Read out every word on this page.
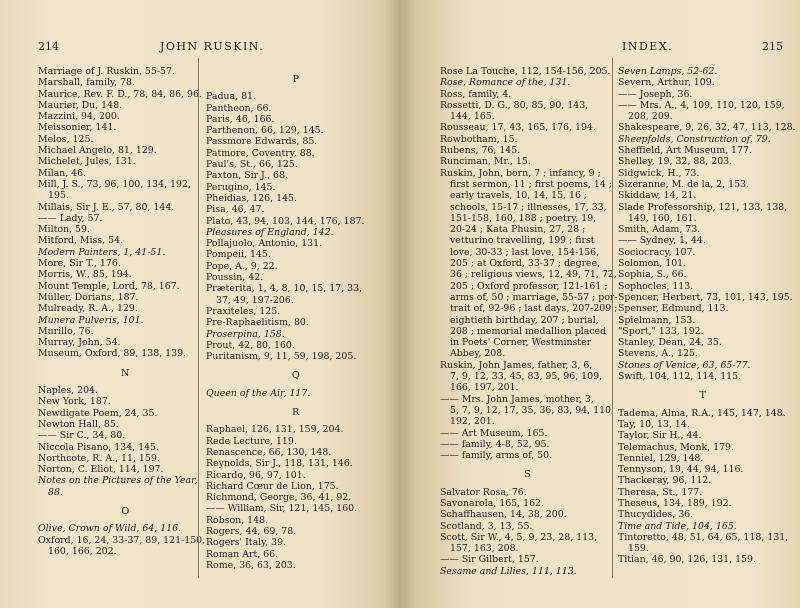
214	JOHN RUSKIN.
Marriage of J. Ruskin, 55-57.
Marshall, family, 78.
Maurice, Rev. F. D., 78, 84, 86, 96.
Maurier, Du, 148.
Mazzini, 94, 200.
Meissonier, 141.
Melos, 125.
Michael Angelo, 81, 129.
Michelet, Jules, 131.
Milan, 46.
Mill, J. S., 73, 96, 100, 134, 192,
195.
Millais, Sir J. E., 57, 80, 144.
—— Lady, 57.
Milton, 59.
Mitford, Miss, 54.
Modern Painters, 1, 41-51.
More, Sir T., 176.
Morris, W., 85, 194.
Mount Temple, Lord, 78, 167.
Müller, Dorians, 187.
Mulready, R. A., 129.
Munera Pulveris, 101.
Murillo, 76.
Murray, John, 54.
Museum, Oxford, 89, 138, 139.
N
Naples, 204.
New York, 187.
Newdigate Poem, 24, 35.
Newton Hall, 85.
—— Sir C., 34, 80.
Niccola Pisano, 134, 145.
Northcote, R. A., 11, 159.
Norton, C. Eliot, 114, 197.
Notes on the Pictures of the Year,
88.
O
Olive, Crown of Wild, 64, 116.
Oxford, 16, 24, 33-37, 89, 121-150,
160, 166, 202.
P
Padua, 81.
Pantheon, 66.
Paris, 46, 166.
Parthenon, 66, 129, 145.
Passmore Edwards, 85.
Patmore, Coventry, 88.
Paul's, St., 66, 125.
Paxton, Sir J., 68.
Perugino, 145.
Pheidias, 126, 145.
Pisa, 46, 47.
Plato, 43, 94, 103, 144, 176, 187.
Pleasures of England, 142.
Pollajuolo, Antonio, 131.
Pompeii, 145.
Pope, A., 9, 22.
Poussin, 42.
Præterita, 1, 4, 8, 10, 15, 17, 33,
37, 49, 197-206.
Praxiteles, 125.
Pre-Raphaelitism, 80.
Proserpina, 158.
Prout, 42, 80, 160.
Puritanism, 9, 11, 59, 198, 205.
Q
Queen of the Air, 117.
R
Raphael, 126, 131, 159, 204.
Rede Lecture, 119.
Renascence, 66, 130, 148.
Reynolds, Sir J., 118, 131, 146.
Ricardo, 96, 97, 101.
Richard Cœur de Lion, 175.
Richmond, George, 36, 41, 92.
—— William, Sir, 121, 145, 160.
Robson, 148.
Rogers, 44, 69, 78.
Rogers' Italy, 39.
Roman Art, 66.
Rome, 36, 63, 203.
INDEX.	215
Rose La Touche, 112, 154-156, 205.
Rose, Romance of the, 131.
Ross, family, 4.
Rossetti, D. G., 80, 85, 90, 143,
144, 165.
Rousseau, 17, 43, 165, 176, 194.
Rowbotham, 15.
Rubens, 76, 145.
Runciman, Mr., 15.
Ruskin, John, born, 7 ; infancy, 9 ;
first sermon, 11 ; first poems, 14 ;
early travels, 10, 14, 15, 16 ;
schools, 15-17 ; illnesses, 17, 33,
151-158, 160, 188 ; poetry, 19,
20-24 ; Kata Phusin, 27, 28 ;
vetturino travelling, 199 ; first
love, 30-33 ; last love, 154-156,
205 ; at Oxford, 33-37 ; degree,
36 ; religious views, 12, 49, 71, 72,
205 ; Oxford professor, 121-161 ;
arms of, 50 ; marriage, 55-57 ; por-
trait of, 92-96 ; last days, 207-209 ;
eightieth birthday, 207 ; burial,
208 ; memorial medallion placed
in Poets' Corner, Westminster
Abbey, 208.
Ruskin, John James, father, 3, 6,
7, 9, 12, 33, 45, 83, 95, 96, 109,
166, 197, 201.
—— Mrs. John James, mother, 3,
5, 7, 9, 12, 17, 35, 36, 83, 94, 110,
192, 201.
—— Art Museum, 165.
—— family, 4-8, 52, 95.
—— family, arms of, 50.
S
Salvator Rosa, 76.
Savonarola, 165, 162.
Schaffhausen, 14, 38, 200.
Scotland, 3, 13, 55.
Scott, Sir W., 4, 5, 9, 23, 28, 113,
157, 163, 208.
—— Sir Gilbert, 157.
Sesame and Lilies, 111, 113.
Seven Lamps, 52-62.
Severn, Arthur, 109.
—— Joseph, 36.
—— Mrs. A., 4, 109, 110, 120, 159,
208, 209.
Shakespeare, 9, 26, 32, 47, 113, 128.
Sheepfolds, Construction of, 79.
Sheffield, Art Museum, 177.
Shelley, 19, 32, 88, 203.
Sidgwick, H., 73.
Sizeranne, M. de la, 2, 153.
Skiddaw, 14, 21.
Slade Professorship, 121, 133, 138,
149, 160, 161.
Smith, Adam, 73.
—— Sydney, 1, 44.
Sociocracy, 107.
Solomon, 101.
Sophia, S., 66.
Sophocles, 113.
Spencer, Herbert, 73, 101, 143, 195.
Spenser, Edmund, 113.
Spielmann, 153.
"Sport," 133, 192.
Stanley, Dean, 24, 35.
Stevens, A., 125.
Stones of Venice, 63, 65-77.
Swift, 104, 112, 114, 115.
T
Tadema, Alma, R.A., 145, 147, 148.
Tay, 10, 13, 14.
Taylor, Sir H., 44.
Telemachus, Monk, 179.
Tenniel, 129, 148.
Tennyson, 19, 44, 94, 116.
Thackeray, 96, 112.
Theresa, St., 177.
Theseus, 134, 189, 192.
Thucydides, 36.
Time and Tide, 104, 165.
Tintoretto, 48, 51, 64, 65, 118, 131,
159.
Titian, 46, 90, 126, 131, 159.
